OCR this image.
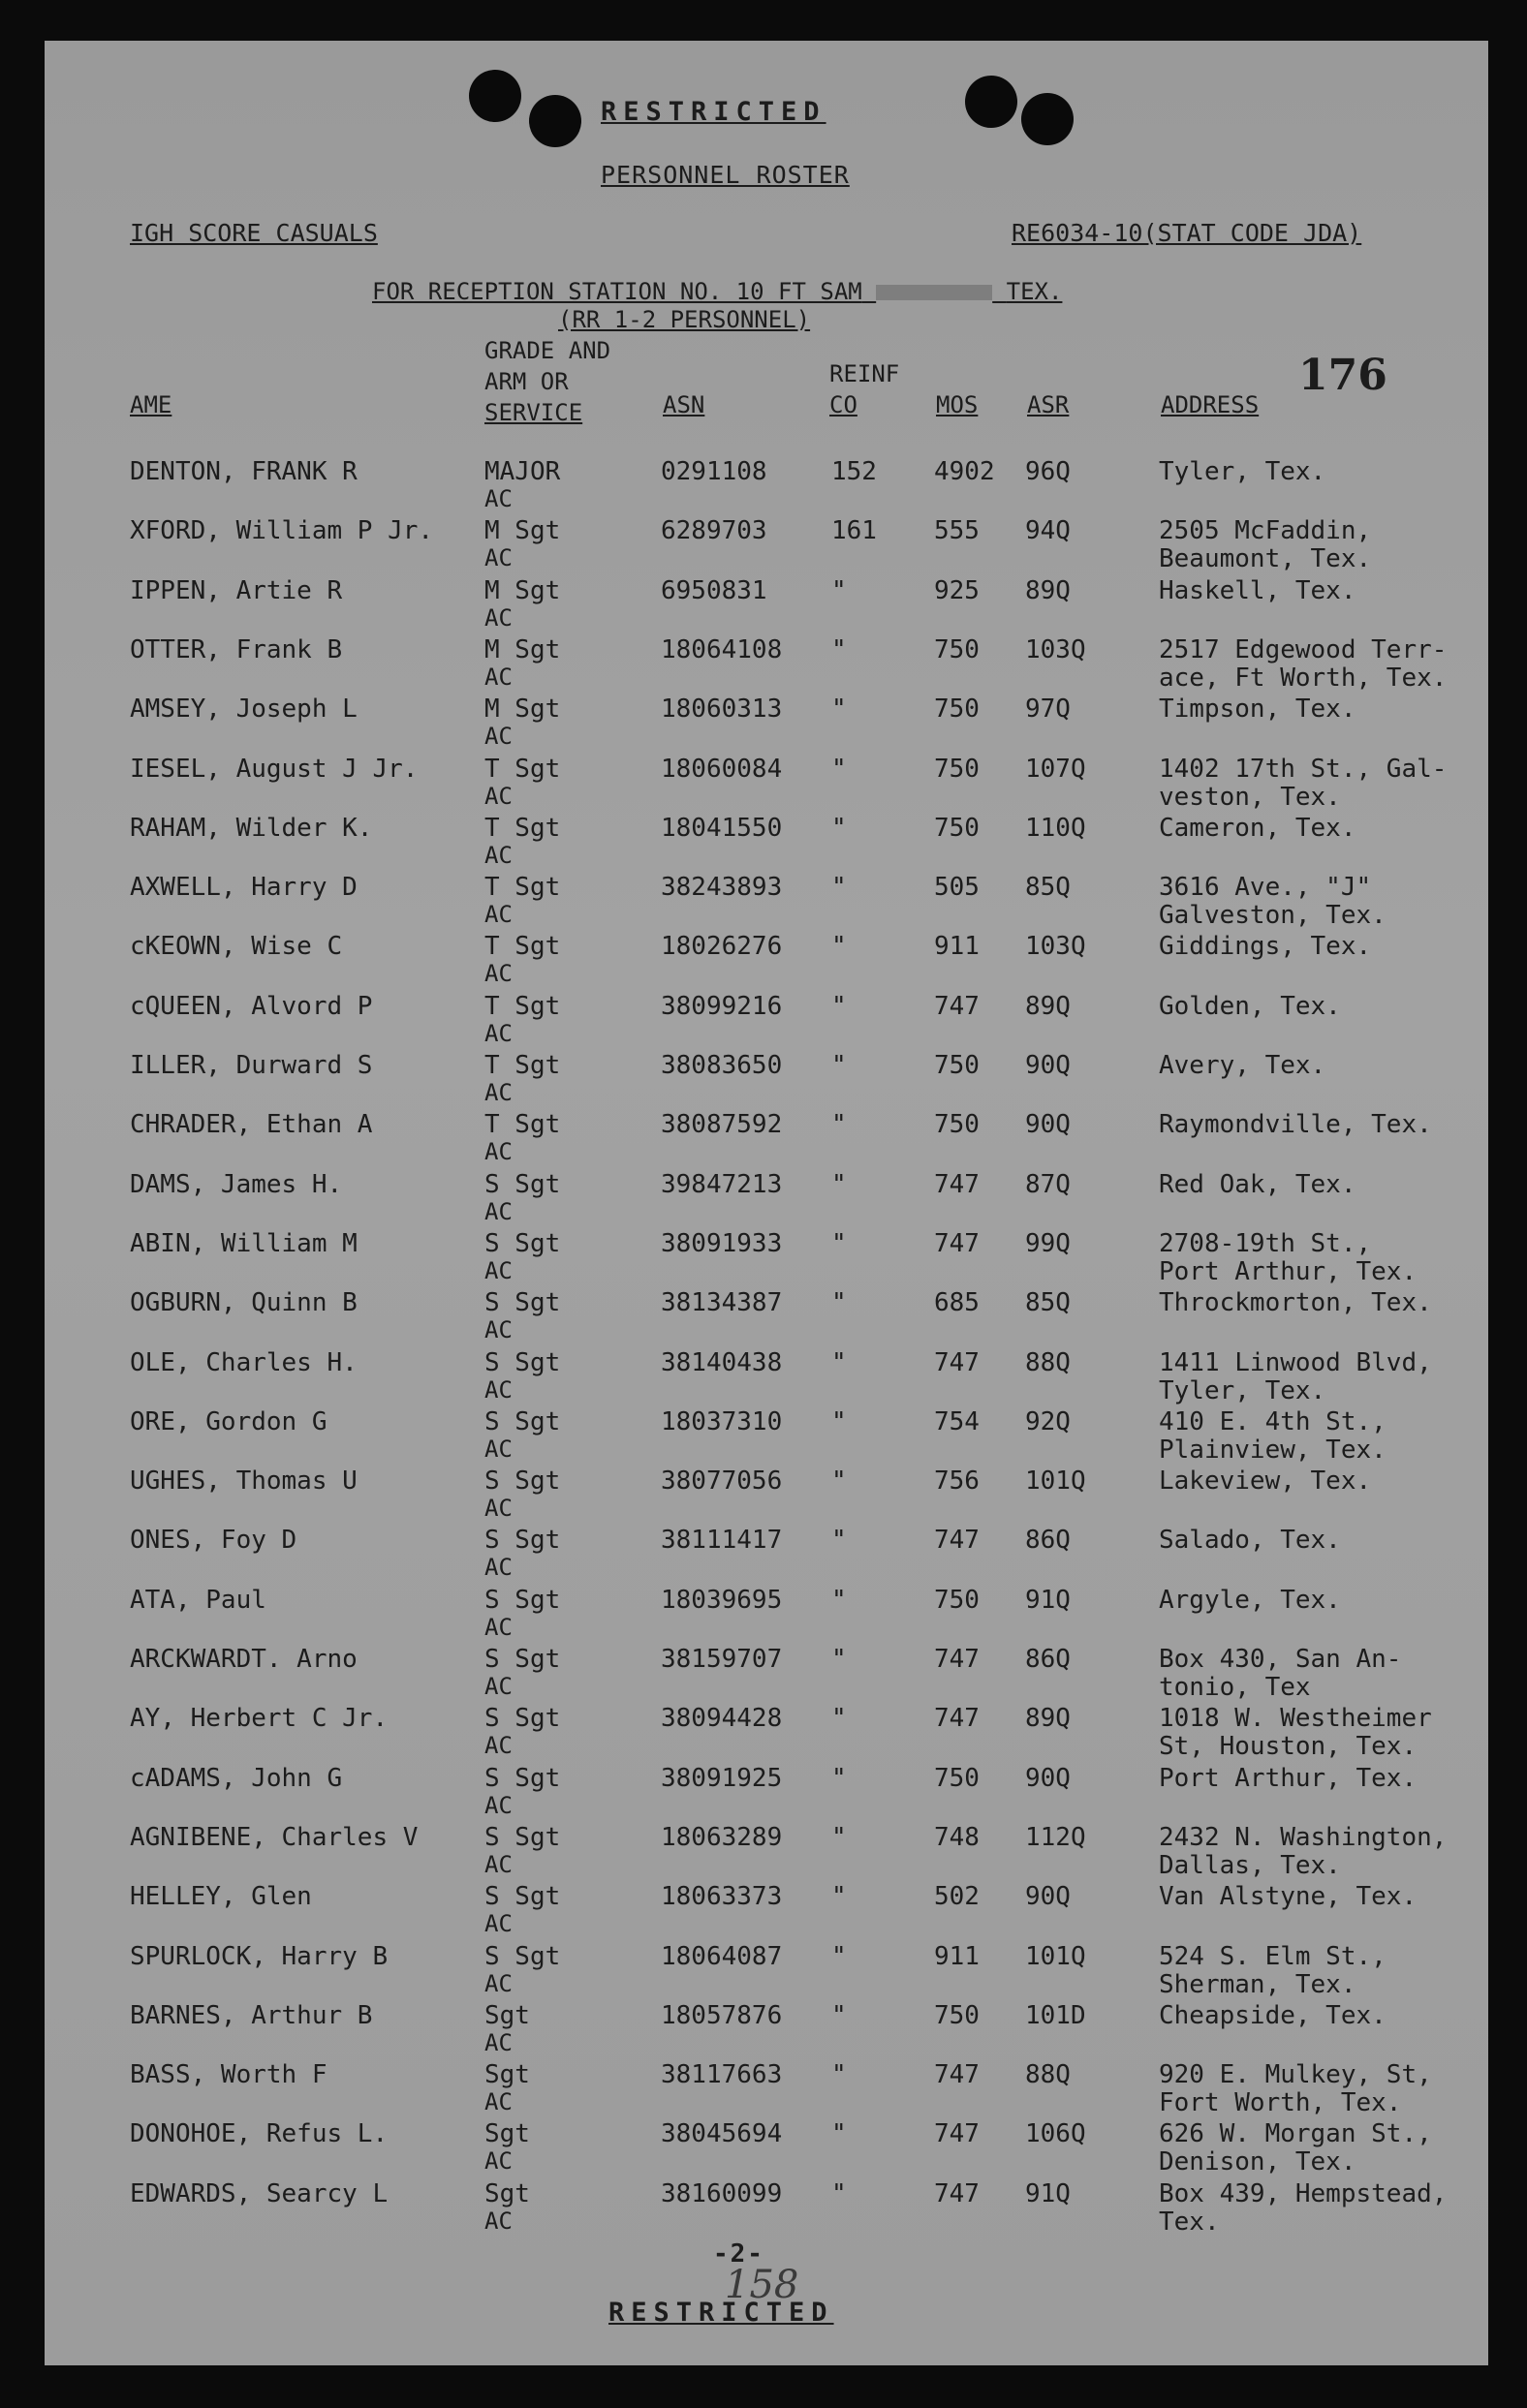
RESTRICTED
PERSONNEL ROSTER
IGH SCORE CASUALS	RE6034-10(STAT CODE JDA)
FOR RECEPTION STATION NO. 10 FT SAM	TEX.
(RR 1-2 PERSONNEL)
176
AME
GRADE AND
ARM OR
SERVICE	ASN
REINF
CO	MOS ASR	ADDRESS
DENTON, FRANK R	MAJOR	0291108	152 4902 96Q	Tyler, Tex.
AC
XFORD, William P Jr. M Sgt	6289703	161 555 94Q	2505 McFaddin,
AC	Beaumont, Tex.
IPPEN, Artie R	M Sgt	6950831	"	925 89Q	Haskell, Tex.
AC
OTTER, Frank B	M Sgt	18064108 "	750 103Q	2517 Edgewood Terr-
AC	ace, Ft Worth, Tex.
AMSEY, Joseph L	M Sgt	18060313 "	750 97Q	Timpson, Tex.
AC
IESEL, August J Jr.	T Sgt	18060084 "	750 107Q	1402 17th St., Gal-
AC	veston, Tex.
RAHAM, Wilder K.	T Sgt	18041550 "	750 110Q	Cameron, Tex.
AC
AXWELL, Harry D	T Sgt	38243893 "	505 85Q	3616 Ave., "J"
AC	Galveston, Tex.
cKEOWN, Wise C	T Sgt	18026276 "	911 103Q	Giddings, Tex.
AC
cQUEEN, Alvord P	T Sgt	38099216 "	747 89Q	Golden, Tex.
AC
ILLER, Durward S	T Sgt	38083650 "	750 90Q	Avery, Tex.
AC
CHRADER, Ethan A	T Sgt	38087592 "	750 90Q	Raymondville, Tex.
AC
DAMS, James H.	S Sgt	39847213 "	747 87Q	Red Oak, Tex.
AC
ABIN, William M	S Sgt	38091933 "	747 99Q	2708-19th St.,
AC	Port Arthur, Tex.
OGBURN, Quinn B	S Sgt	38134387 "	685 85Q	Throckmorton, Tex.
AC
OLE, Charles H.	S Sgt	38140438 "	747 88Q	1411 Linwood Blvd,
AC	Tyler, Tex.
ORE, Gordon G	S Sgt	18037310 "	754 92Q	410 E. 4th St.,
AC	Plainview, Tex.
UGHES, Thomas U	S Sgt	38077056 "	756 101Q	Lakeview, Tex.
AC
ONES, Foy D	S Sgt	38111417 "	747 86Q	Salado, Tex.
AC
ATA, Paul	S Sgt	18039695 "	750 91Q	Argyle, Tex.
AC
ARCKWARDT. Arno	S Sgt	38159707 "	747 86Q	Box 430, San An-
AC	tonio, Tex
AY, Herbert C Jr.	S Sgt	38094428 "	747 89Q	1018 W. Westheimer
AC	St, Houston, Tex.
cADAMS, John G	S Sgt	38091925 "	750 90Q	Port Arthur, Tex.
AC
AGNIBENE, Charles V	S Sgt	18063289 "	748 112Q	2432 N. Washington,
AC	Dallas, Tex.
HELLEY, Glen	S Sgt	18063373 "	502 90Q	Van Alstyne, Tex.
AC
SPURLOCK, Harry B	S Sgt	18064087 "	911 101Q	524 S. Elm St.,
AC	Sherman, Tex.
BARNES, Arthur B	Sgt	18057876 "	750 101D	Cheapside, Tex.
AC
BASS, Worth F	Sgt	38117663 "	747 88Q	920 E. Mulkey, St,
AC	Fort Worth, Tex.
DONOHOE, Refus L.	Sgt	38045694 "	747 106Q	626 W. Morgan St.,
AC	Denison, Tex.
EDWARDS, Searcy L	Sgt	38160099 "	747 91Q	Box 439, Hempstead,
AC	Tex.
-2-
158
RESTRICTED
